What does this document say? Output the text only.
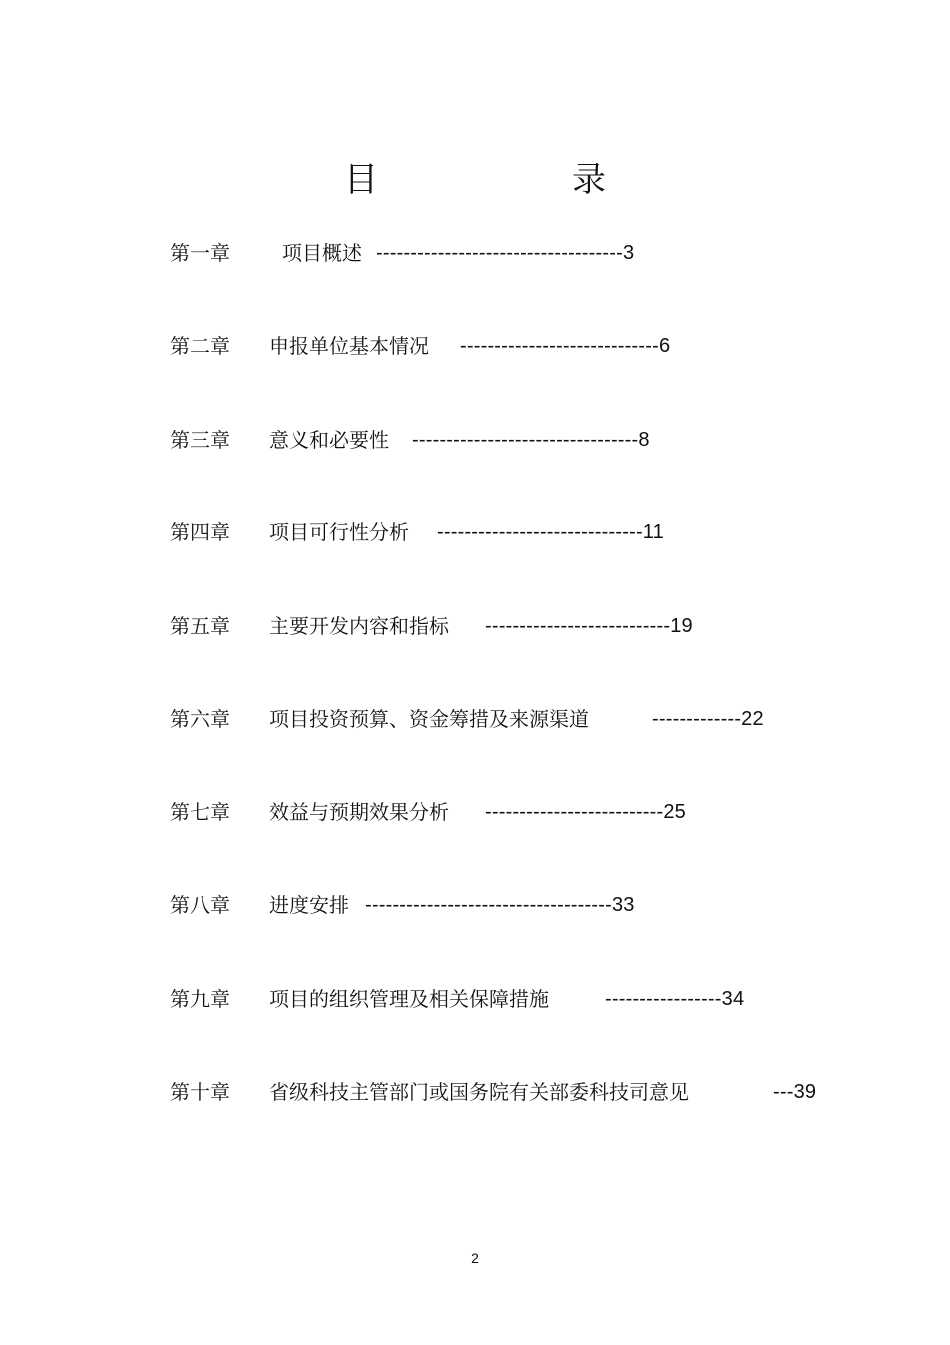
目	录
第一章	项目概述 ------------------------------------3
第二章 申报单位基本情况 -----------------------------6
第三章 意义和必要性 ---------------------------------8
第四章 项目可行性分析 ------------------------------11
第五章 主要开发内容和指标 ---------------------------19
第六章 项目投资预算、资金筹措及来源渠道	-------------22
第七章 效益与预期效果分析 --------------------------25
第八章 进度安排 ------------------------------------33
第九章 项目的组织管理及相关保障措施	-----------------34
第十章 省级科技主管部门或国务院有关部委科技司意见	---39
2
